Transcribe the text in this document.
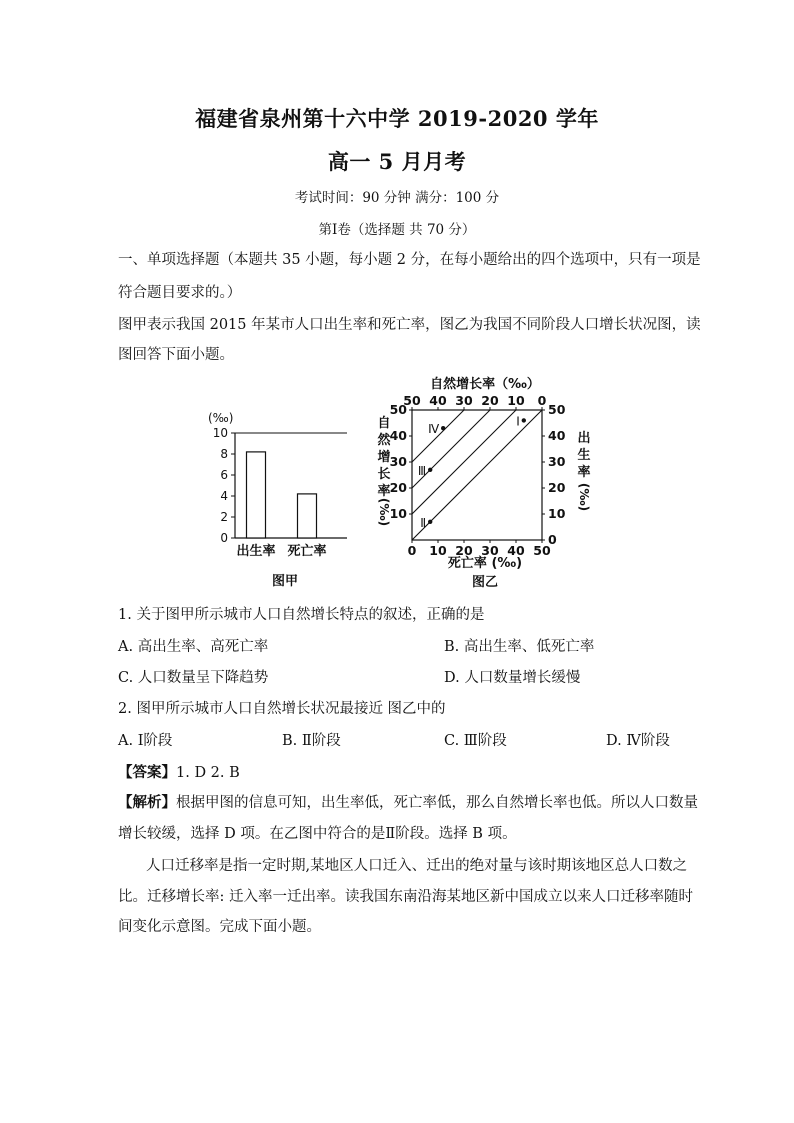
福建省泉州第十六中学 2019-2020 学年
高一 5 月月考
考试时间：90 分钟 满分：100 分
第Ⅰ卷（选择题 共 70 分）
一、单项选择题（本题共 35 小题，每小题 2 分，在每小题给出的四个选项中，只有一项是
符合题目要求的。）
图甲表示我国 2015 年某市人口出生率和死亡率，图乙为我国不同阶段人口增长状况图，读
图回答下面小题。
(‰)
0
2
4
6
8
10
出生率 死亡率
图甲
自然增长率（‰）
0 10 20 30 40 50
50 40 30 20 10 0
0
10
20
30
40
50
10
20
30
40
50
Ⅰ
Ⅱ
Ⅲ
Ⅳ
自
然
增
长
率
(‰)
出
生
率
(‰)
死亡率 (‰)
图乙
1. 关于图甲所示城市人口自然增长特点的叙述，正确的是
A. 高出生率、高死亡率	B. 高出生率、低死亡率
C. 人口数量呈下降趋势	D. 人口数量增长缓慢
2. 图甲所示城市人口自然增长状况最接近 图乙中的
A. Ⅰ阶段	B. Ⅱ阶段	C. Ⅲ阶段	D. Ⅳ阶段
【答案】1. D 2. B
【解析】根据甲图的信息可知，出生率低，死亡率低，那么自然增长率也低。所以人口数量
增长较缓，选择 D 项。在乙图中符合的是Ⅱ阶段。选择 B 项。
人口迁移率是指一定时期,某地区人口迁入、迁出的绝对量与该时期该地区总人口数之
比。迁移增长率: 迁入率一迁出率。读我国东南沿海某地区新中国成立以来人口迁移率随时
间变化示意图。完成下面小题。
